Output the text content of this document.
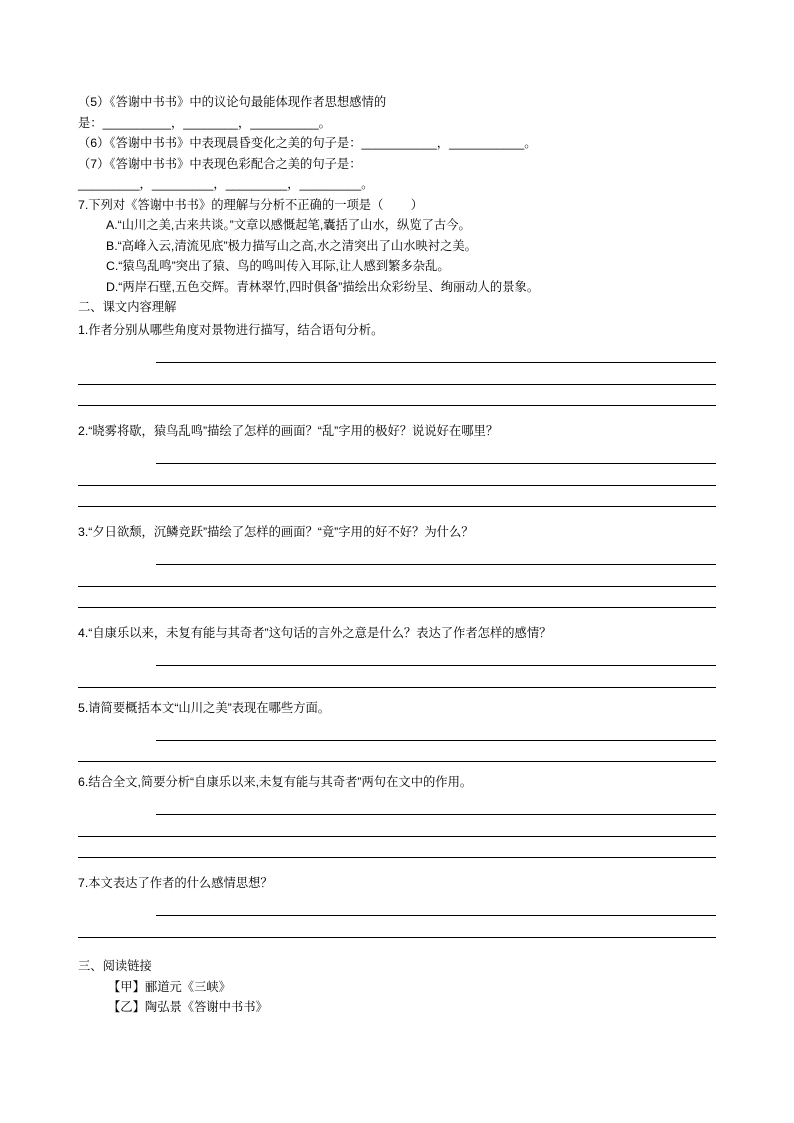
（5）《答谢中书书》中的议论句最能体现作者思想感情的
是：__________，________，__________。
（6）《答谢中书书》中表现晨昏变化之美的句子是：___________，___________。
（7）《答谢中书书》中表现色彩配合之美的句子是：
_________，_________，_________，_________。
7.下列对《答谢中书书》的理解与分析不正确的一项是（        ）
A.“山川之美,古来共谈。”文章以感慨起笔,囊括了山水，纵览了古今。
B.“高峰入云,清流见底”极力描写山之高,水之清突出了山水映衬之美。
C.“猿鸟乱鸣”突出了猿、鸟的鸣叫传入耳际,让人感到繁多杂乱。
D.“两岸石壁,五色交辉。青林翠竹,四时俱备”描绘出众彩纷呈、绚丽动人的景象。
二、课文内容理解
1.作者分别从哪些角度对景物进行描写，结合语句分析。
2.“晓雾将歇，猿鸟乱鸣”描绘了怎样的画面？“乱”字用的极好？说说好在哪里？
3.“夕日欲颓，沉鳞竞跃”描绘了怎样的画面？“竟”字用的好不好？为什么？
4.“自康乐以来，未复有能与其奇者”这句话的言外之意是什么？表达了作者怎样的感情？
5.请简要概括本文“山川之美”表现在哪些方面。
6.结合全文,简要分析“自康乐以来,未复有能与其奇者”两句在文中的作用。
7.本文表达了作者的什么感情思想？
三、阅读链接
【甲】郦道元《三峡》
【乙】陶弘景《答谢中书书》
